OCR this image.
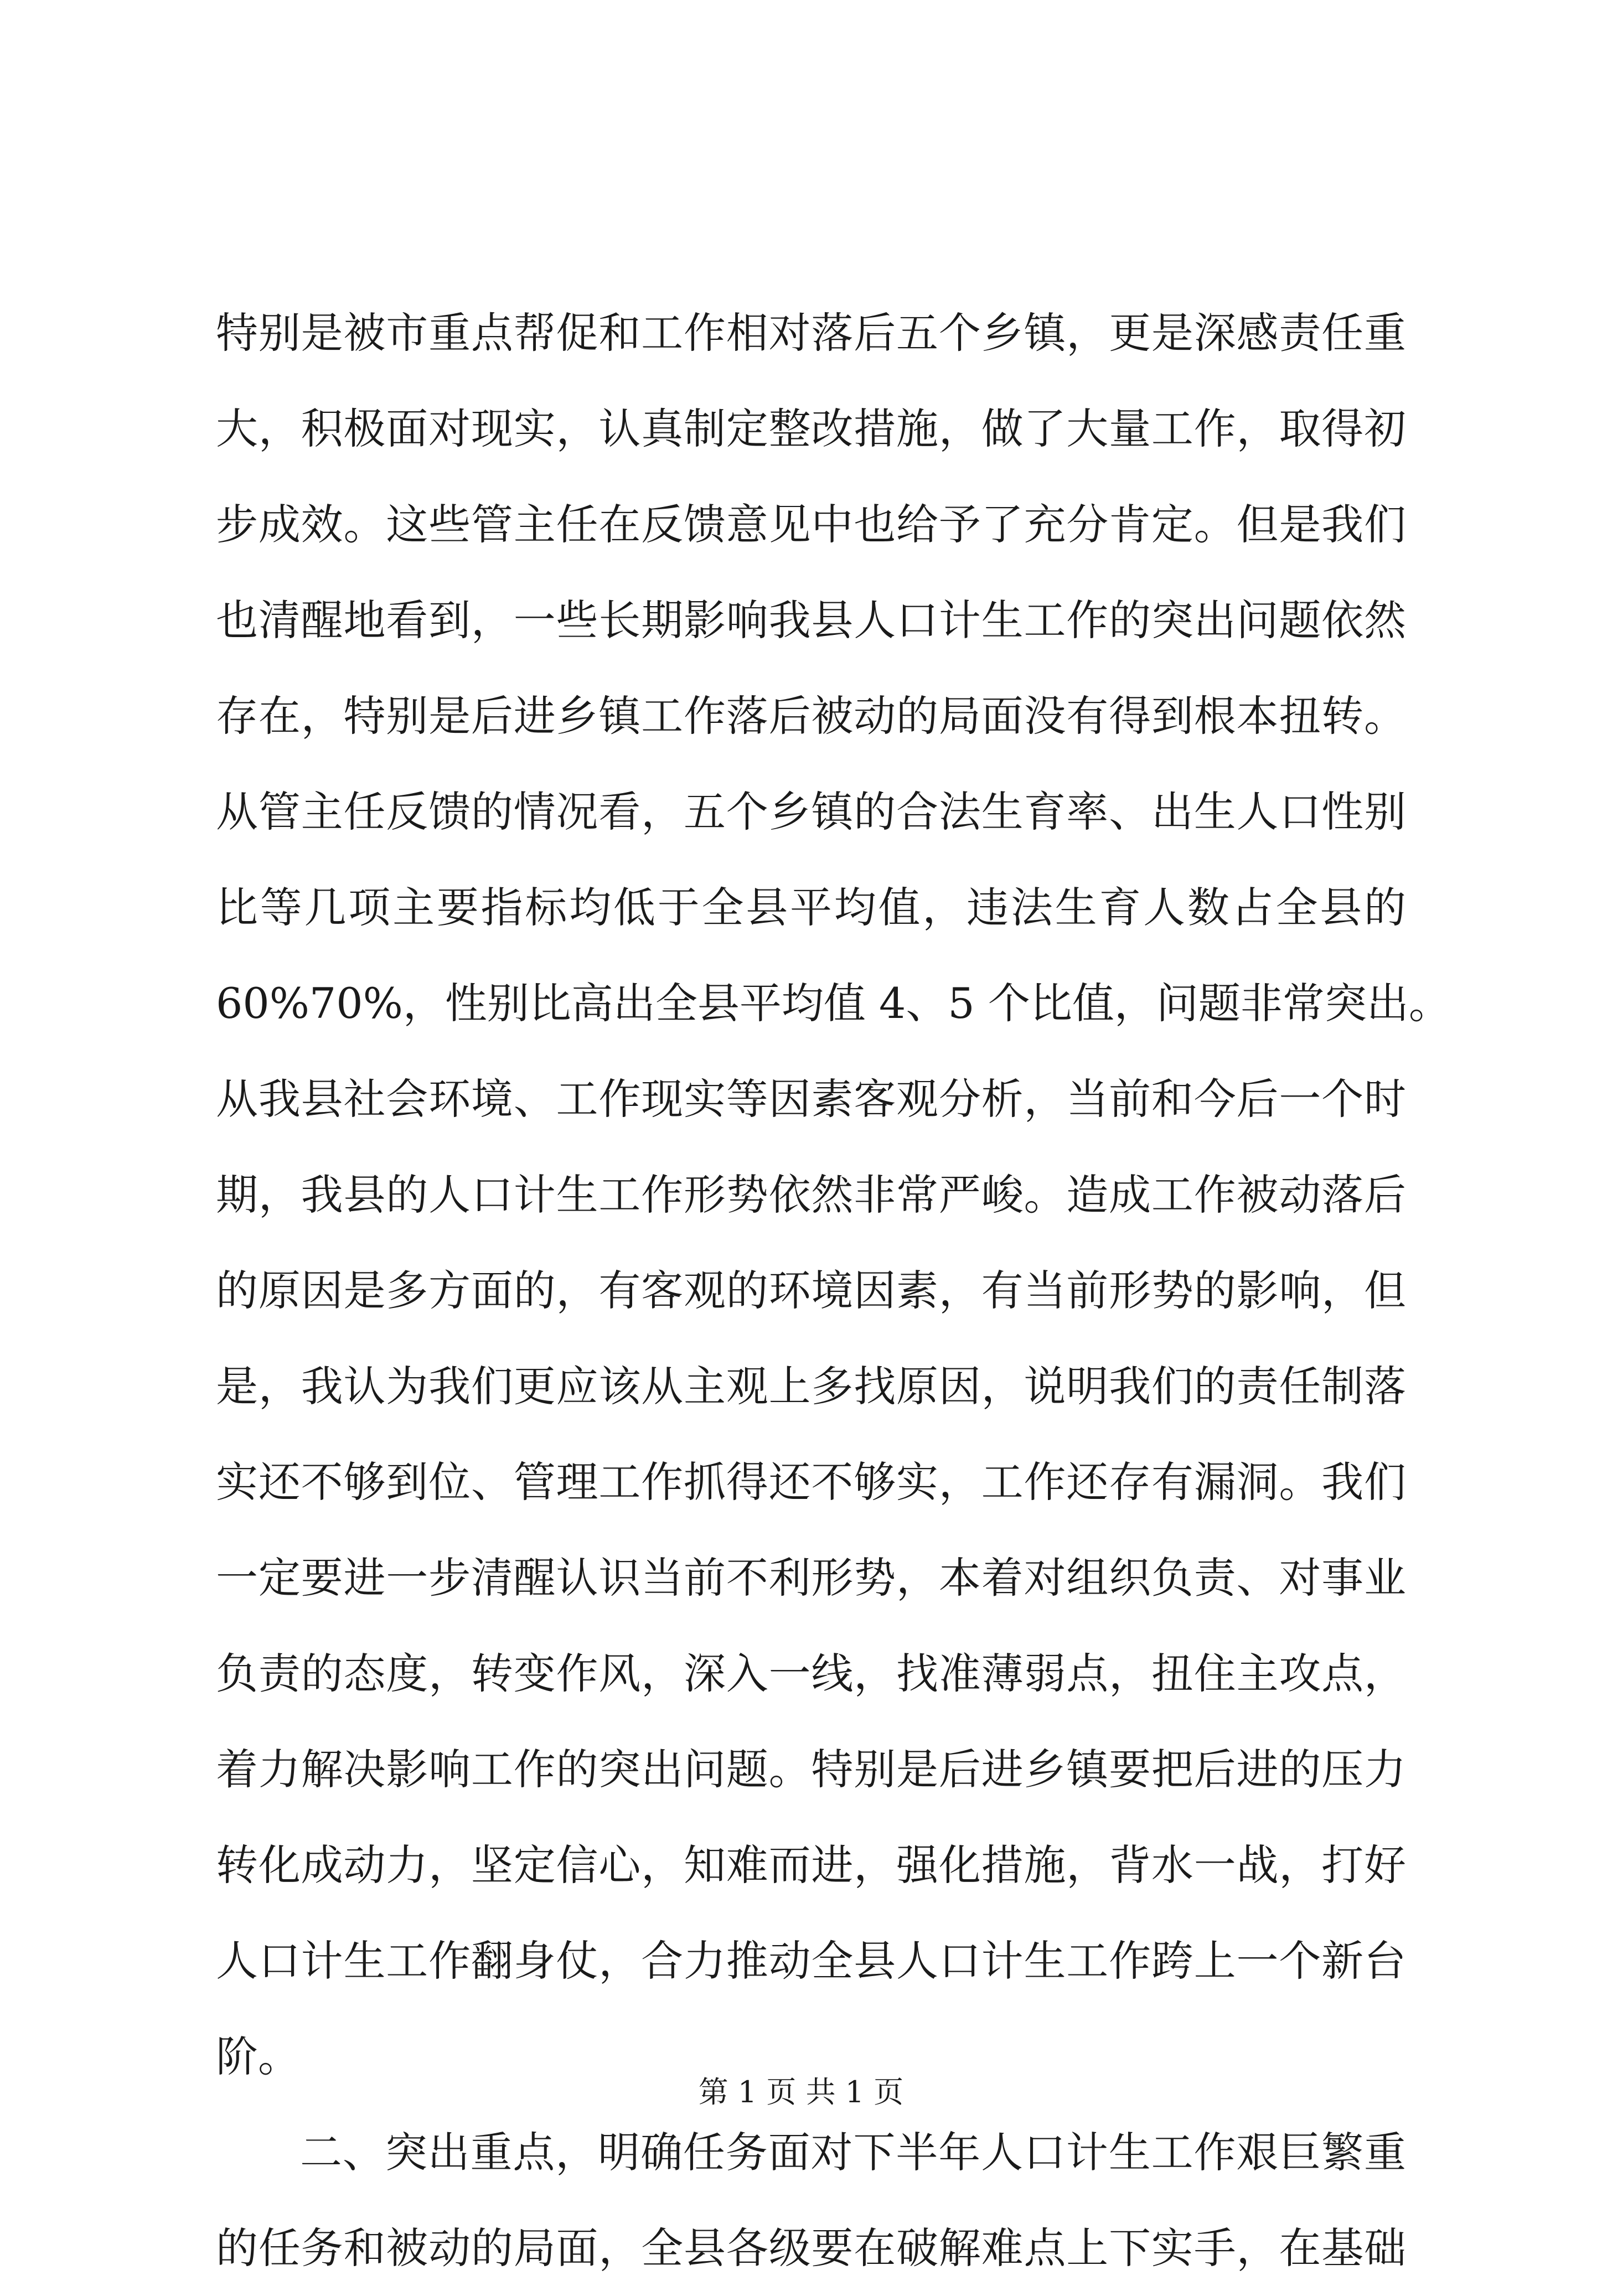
特别是被市重点帮促和工作相对落后五个乡镇，更是深感责任重
大，积极面对现实，认真制定整改措施，做了大量工作，取得初
步成效。这些管主任在反馈意见中也给予了充分肯定。但是我们
也清醒地看到，一些长期影响我县人口计生工作的突出问题依然
存在，特别是后进乡镇工作落后被动的局面没有得到根本扭转。
从管主任反馈的情况看，五个乡镇的合法生育率、出生人口性别
比等几项主要指标均低于全县平均值，违法生育人数占全县的
60%70%，性别比高出全县平均值 4、5 个比值，问题非常突出。
从我县社会环境、工作现实等因素客观分析，当前和今后一个时
期，我县的人口计生工作形势依然非常严峻。造成工作被动落后
的原因是多方面的，有客观的环境因素，有当前形势的影响，但
是，我认为我们更应该从主观上多找原因，说明我们的责任制落
实还不够到位、管理工作抓得还不够实，工作还存有漏洞。我们
一定要进一步清醒认识当前不利形势，本着对组织负责、对事业
负责的态度，转变作风，深入一线，找准薄弱点，扭住主攻点，
着力解决影响工作的突出问题。特别是后进乡镇要把后进的压力
转化成动力，坚定信心，知难而进，强化措施，背水一战，打好
人口计生工作翻身仗，合力推动全县人口计生工作跨上一个新台
阶。
二、突出重点，明确任务面对下半年人口计生工作艰巨繁重
的任务和被动的局面，全县各级要在破解难点上下实手，在基础
第 1 页 共 1 页
